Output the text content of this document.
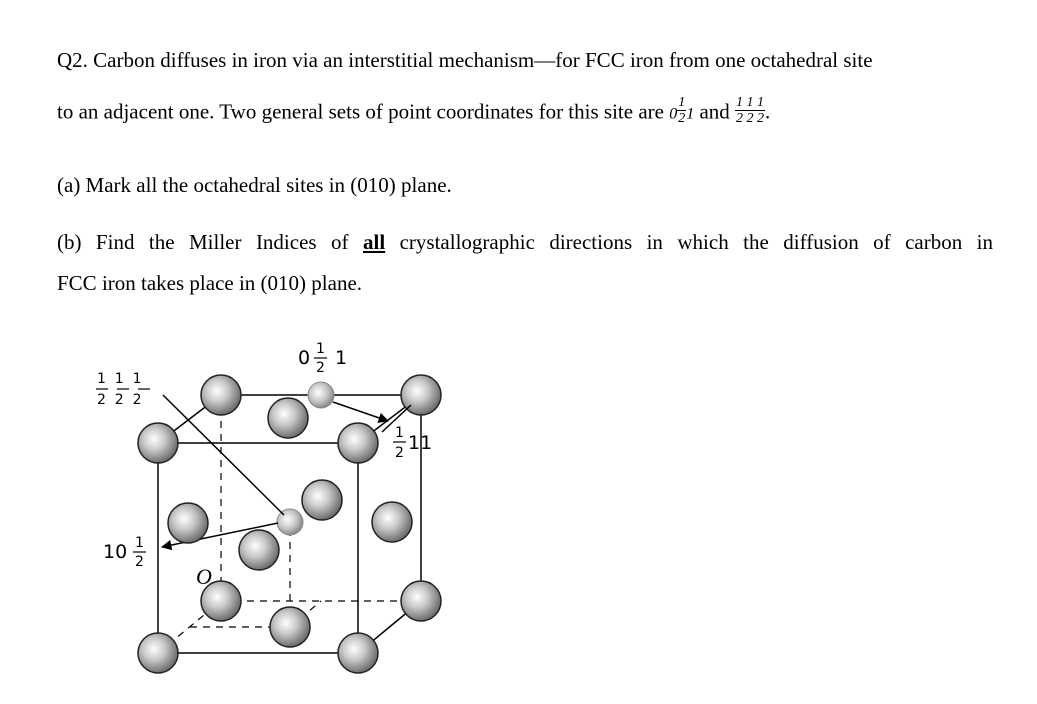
Q2. Carbon diffuses in iron via an interstitial mechanism—for FCC iron from one octahedral site
to an adjacent one. Two general sets of point coordinates for this site are $0 \frac{1}{2} 1$ and $\frac{1 1 1}{2 2 2}$ .
(a) Mark all the octahedral sites in (010) plane.
(b) Find the Miller Indices of all crystallographic directions in which the diffusion of carbon in
FCC iron takes place in (010) plane.
0 1
2 1
1  1  1
2  2  2
1
2 11
10 1
2
O
